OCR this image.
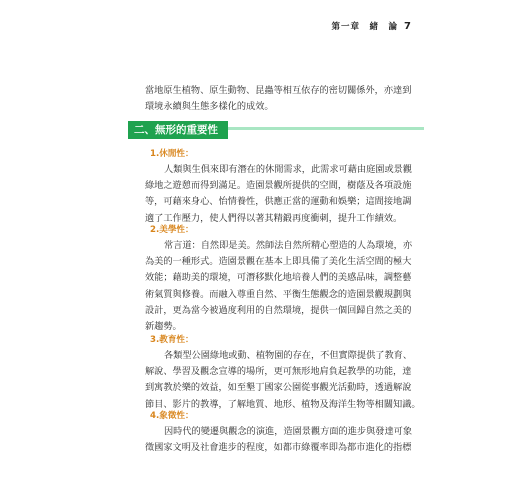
第一章　緒　論 7

當地原生植物、原生動物、昆蟲等相互依存的密切關係外，亦達到
環境永續與生態多樣化的成效。

二、無形的重要性
1.休閒性：

人類與生俱來即有潛在的休閒需求，此需求可藉由庭園或景觀
綠地之遊憩而得到滿足。造園景觀所提供的空間，樹蔭及各項設施
等，可藉來身心、怡情養性，供應正當的運動和娛樂；這間接地調
適了工作壓力，使人們得以著其精鍛再度衝刺，提升工作績效。

2.美學性：

常言道：自然即是美。然師法自然所精心塑造的人為環境，亦
為美的一種形式。造園景觀在基本上即具備了美化生活空間的極大
效能；藉助美的環境，可潛移默化地培養人們的美感品味，調整藝
術氣質與修養。而融入尊重自然、平衡生態觀念的造園景觀規劃與
設計，更為當今被過度利用的自然環境，提供一個回歸自然之美的
新趨勢。

3.教育性：

各類型公園綠地或動、植物園的存在，不但實際提供了教育、
解說、學習及觀念宣導的場所，更可無形地肩負起教學的功能，達
到寓教於樂的效益，如至墾丁國家公園從事觀光活動時，透過解說
節目、影片的教導，了解地質、地形、植物及海洋生物等相關知識。

4.象徵性：

因時代的變遷與觀念的演進，造園景觀方面的進步與發達可象
徵國家文明及社會進步的程度，如都市綠覆率即為都市進化的指標
